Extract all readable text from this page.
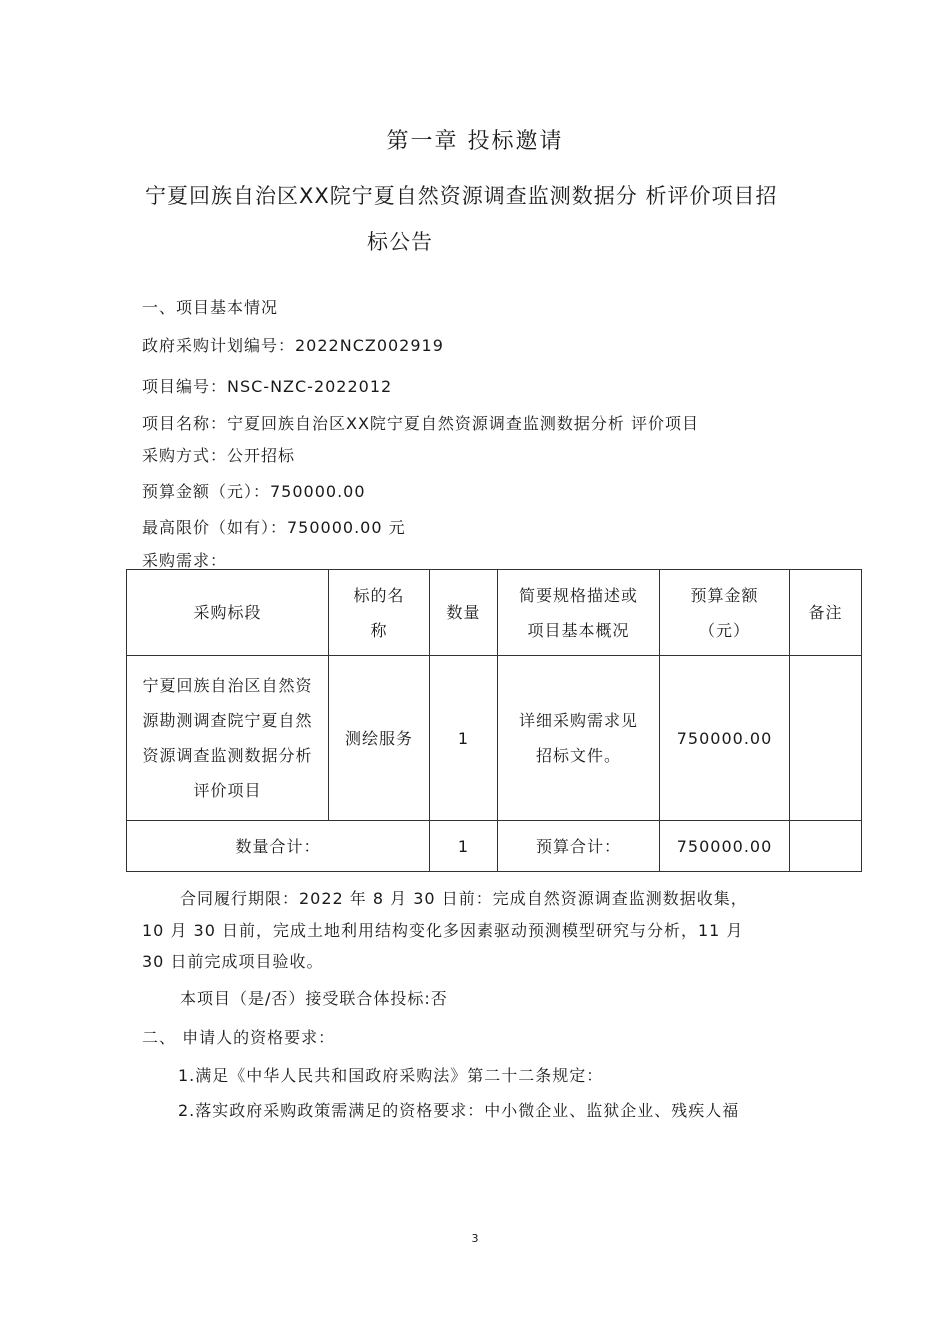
第一章 投标邀请
宁夏回族自治区XX院宁夏自然资源调查监测数据分 析评价项目招
标公告
一、项目基本情况
政府采购计划编号：2022NCZ002919
项目编号：NSC-NZC-2022012
项目名称：宁夏回族自治区XX院宁夏自然资源调查监测数据分析 评价项目
采购方式：公开招标
预算金额（元）：750000.00
最高限价（如有）：750000.00 元
采购需求：
采购标段	标的名称	数量	简要规格描述或项目基本概况	预算金额（元）	备注
宁夏回族自治区自然资源勘测调查院宁夏自然资源调查监测数据分析评价项目	测绘服务	1	详细采购需求见招标文件。	750000.00	
数量合计：		1	预算合计：	750000.00	
合同履行期限：2022 年 8 月 30 日前：完成自然资源调查监测数据收集，
10 月 30 日前，完成土地利用结构变化多因素驱动预测模型研究与分析，11 月
30 日前完成项目验收。
本项目（是/否）接受联合体投标:否
二、 申请人的资格要求：
1.满足《中华人民共和国政府采购法》第二十二条规定：
2.落实政府采购政策需满足的资格要求：中小微企业、监狱企业、残疾人福
3
